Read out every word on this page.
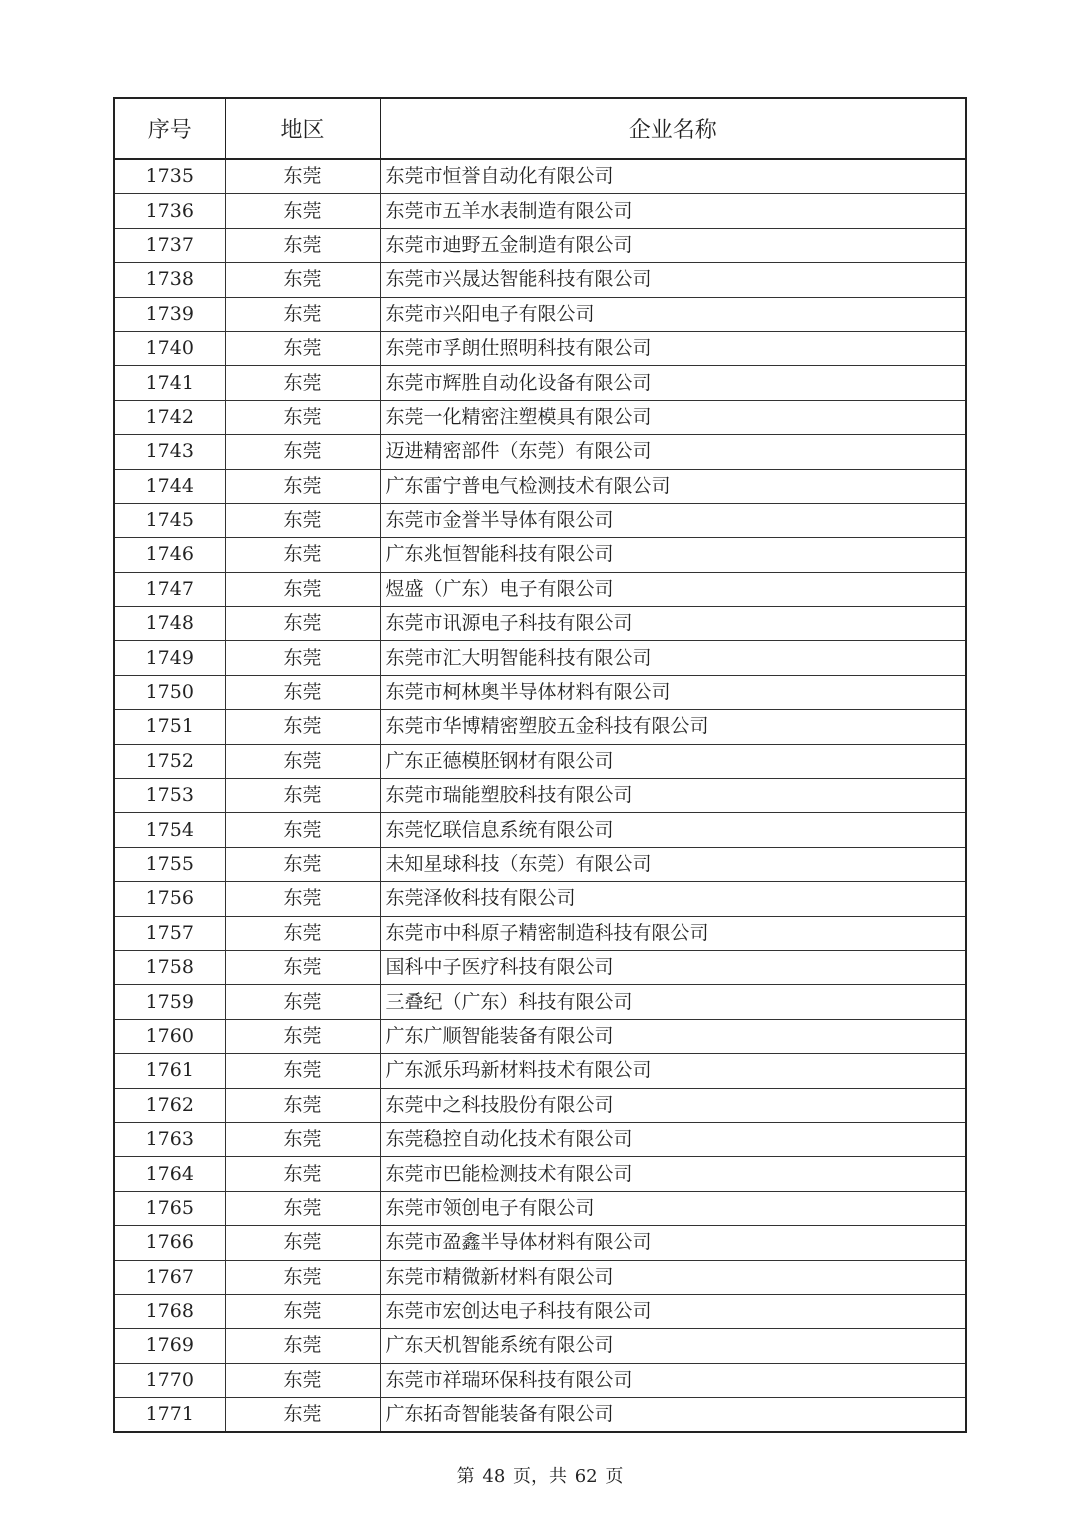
序号	地区	企业名称
1735	东莞	东莞市恒誉自动化有限公司
1736	东莞	东莞市五羊水表制造有限公司
1737	东莞	东莞市迪野五金制造有限公司
1738	东莞	东莞市兴晟达智能科技有限公司
1739	东莞	东莞市兴阳电子有限公司
1740	东莞	东莞市孚朗仕照明科技有限公司
1741	东莞	东莞市辉胜自动化设备有限公司
1742	东莞	东莞一化精密注塑模具有限公司
1743	东莞	迈进精密部件（东莞）有限公司
1744	东莞	广东雷宁普电气检测技术有限公司
1745	东莞	东莞市金誉半导体有限公司
1746	东莞	广东兆恒智能科技有限公司
1747	东莞	煜盛（广东）电子有限公司
1748	东莞	东莞市讯源电子科技有限公司
1749	东莞	东莞市汇大明智能科技有限公司
1750	东莞	东莞市柯林奥半导体材料有限公司
1751	东莞	东莞市华博精密塑胶五金科技有限公司
1752	东莞	广东正德模胚钢材有限公司
1753	东莞	东莞市瑞能塑胶科技有限公司
1754	东莞	东莞忆联信息系统有限公司
1755	东莞	未知星球科技（东莞）有限公司
1756	东莞	东莞泽攸科技有限公司
1757	东莞	东莞市中科原子精密制造科技有限公司
1758	东莞	国科中子医疗科技有限公司
1759	东莞	三叠纪（广东）科技有限公司
1760	东莞	广东广顺智能装备有限公司
1761	东莞	广东派乐玛新材料技术有限公司
1762	东莞	东莞中之科技股份有限公司
1763	东莞	东莞稳控自动化技术有限公司
1764	东莞	东莞市巴能检测技术有限公司
1765	东莞	东莞市领创电子有限公司
1766	东莞	东莞市盈鑫半导体材料有限公司
1767	东莞	东莞市精微新材料有限公司
1768	东莞	东莞市宏创达电子科技有限公司
1769	东莞	广东天机智能系统有限公司
1770	东莞	东莞市祥瑞环保科技有限公司
1771	东莞	广东拓奇智能装备有限公司
第 48 页，共 62 页
